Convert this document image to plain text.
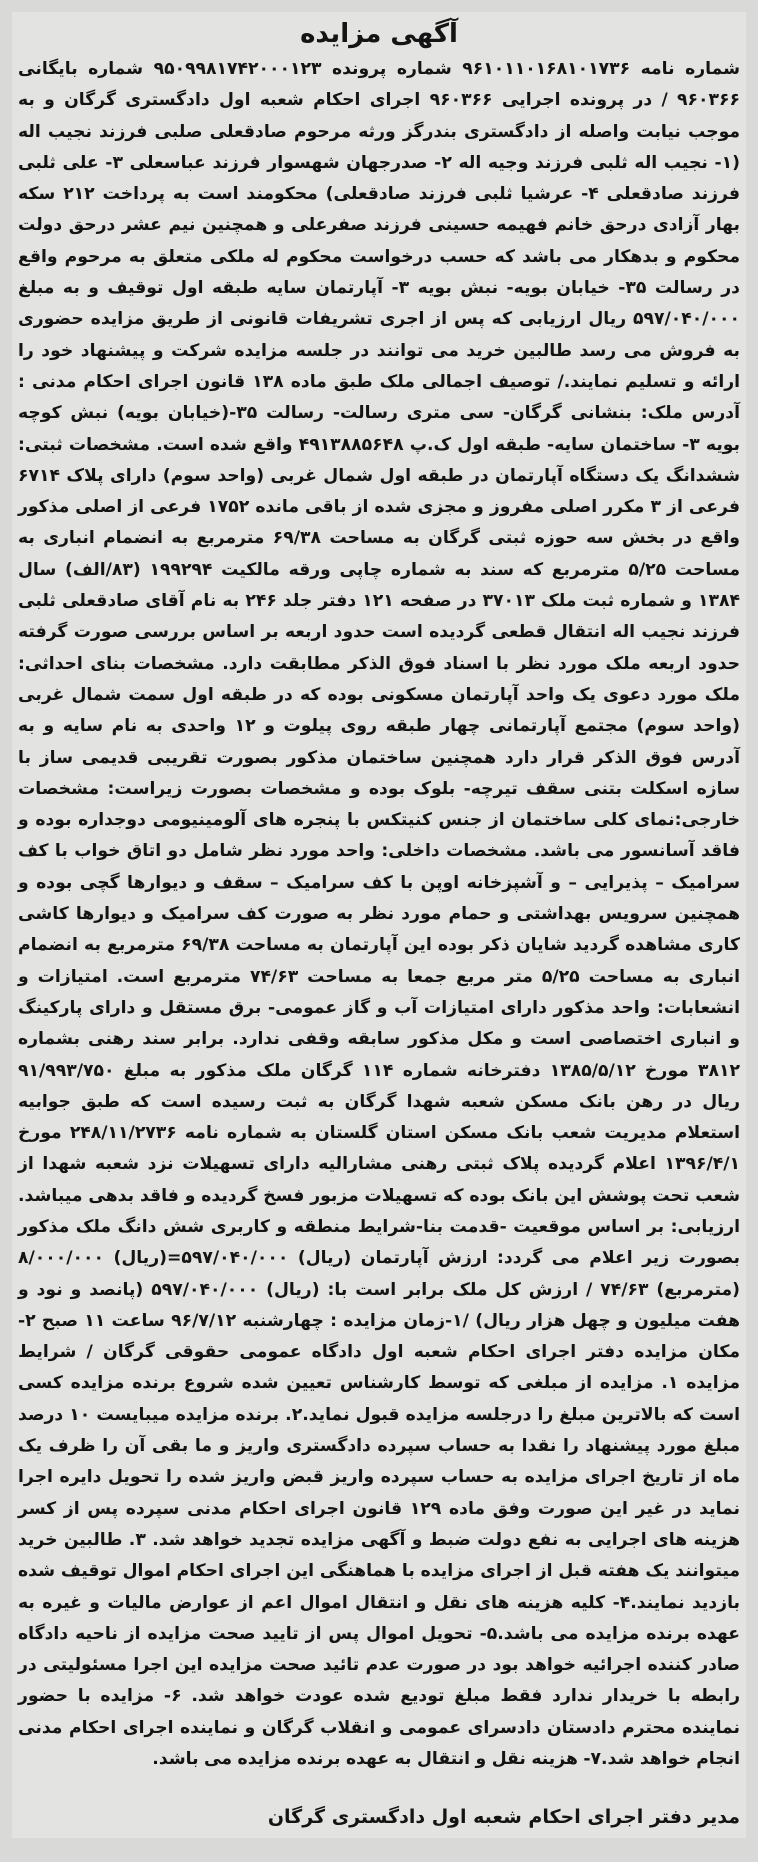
آگهی مزایده

شماره نامه ۹۶۱۰۱۱۰۱۶۸۱۰۱۷۳۶ شماره پرونده ۹۵۰۹۹۸۱۷۴۲۰۰۰۱۲۳ شماره بایگانی ۹۶۰۳۶۶ / در پرونده اجرایی ۹۶۰۳۶۶ اجرای احکام شعبه اول دادگستری گرگان و به موجب نیابت واصله از دادگستری بندرگز ورثه مرحوم صادقعلی صلبی فرزند نجیب اله (۱- نجیب اله ثلبی فرزند وجیه اله ۲- صدرجهان شهسوار فرزند عباسعلی ۳- علی ثلبی فرزند صادقعلی ۴- عرشیا ثلبی فرزند صادقعلی) محکومند است به پرداخت ۲۱۲ سکه بهار آزادی درحق خانم فهیمه حسینی فرزند صفرعلی و همچنین نیم عشر درحق دولت محکوم و بدهکار می باشد که حسب درخواست محکوم له ملکی متعلق به مرحوم واقع در رسالت ۳۵- خیابان بویه- نبش بویه ۳- آپارتمان سایه طبقه اول توقیف و به مبلغ ۵۹۷/۰۴۰/۰۰۰ ریال ارزیابی که پس از اجری تشریفات قانونی از طریق مزایده حضوری به فروش می رسد طالبین خرید می توانند در جلسه مزایده شرکت و پیشنهاد خود را ارائه و تسلیم نمایند./ توصیف اجمالی ملک طبق ماده ۱۳۸ قانون اجرای احکام مدنی : آدرس ملک: بنشانی گرگان- سی متری رسالت- رسالت ۳۵-(خیابان بویه) نبش کوچه بویه ۳- ساختمان سایه- طبقه اول ک.پ ۴۹۱۳۸۸۵۶۴۸ واقع شده است. مشخصات ثبتی: ششدانگ یک دستگاه آپارتمان در طبقه اول شمال غربی (واحد سوم) دارای پلاک ۶۷۱۴ فرعی از ۳ مکرر اصلی مفروز و مجزی شده از باقی مانده ۱۷۵۲ فرعی از اصلی مذکور واقع در بخش سه حوزه ثبتی گرگان به مساحت ۶۹/۳۸ مترمربع به انضمام انباری به مساحت ۵/۲۵ مترمربع که سند به شماره چاپی ورقه مالکیت ۱۹۹۲۹۴ (۸۳/الف) سال ۱۳۸۴ و شماره ثبت ملک ۳۷۰۱۳ در صفحه ۱۲۱ دفتر جلد ۲۴۶ به نام آقای صادقعلی ثلبی فرزند نجیب اله انتقال قطعی گردیده است حدود اربعه بر اساس بررسی صورت گرفته حدود اربعه ملک مورد نظر با اسناد فوق الذکر مطابقت دارد. مشخصات بنای احداثی: ملک مورد دعوی یک واحد آپارتمان مسکونی بوده که در طبقه اول سمت شمال غربی (واحد سوم) مجتمع آپارتمانی چهار طبقه روی پیلوت و ۱۲ واحدی به نام سایه و به آدرس فوق الذکر قرار دارد همچنین ساختمان مذکور بصورت تقریبی قدیمی ساز با سازه اسکلت بتنی سقف تیرچه- بلوک بوده و مشخصات بصورت زیراست: مشخصات خارجی:نمای کلی ساختمان از جنس کنیتکس با پنجره های آلومینیومی دوجداره بوده و فاقد آسانسور می باشد. مشخصات داخلی: واحد مورد نظر شامل دو اتاق خواب با کف سرامیک – پذیرایی – و آشپزخانه اوپن با کف سرامیک – سقف و دیوارها گچی بوده و همچنین سرویس بهداشتی و حمام مورد نظر به صورت کف سرامیک و دیوارها کاشی کاری مشاهده گردید شایان ذکر بوده این آپارتمان به مساحت ۶۹/۳۸ مترمربع به انضمام انباری به مساحت ۵/۲۵ متر مربع جمعا به مساحت ۷۴/۶۳ مترمربع است. امتیازات و انشعابات: واحد مذکور دارای امتیازات آب و گاز عمومی- برق مستقل و دارای پارکینگ و انباری اختصاصی است و مکل مذکور سابقه وقفی ندارد. برابر سند رهنی بشماره ۳۸۱۲ مورخ ۱۳۸۵/۵/۱۲ دفترخانه شماره ۱۱۴ گرگان ملک مذکور به مبلغ ۹۱/۹۹۳/۷۵۰ ریال در رهن بانک مسکن شعبه شهدا گرگان به ثبت رسیده است که طبق جوابیه استعلام مدیریت شعب بانک مسکن استان گلستان به شماره نامه ۲۴۸/۱۱/۲۷۳۶ مورخ ۱۳۹۶/۴/۱ اعلام گردیده پلاک ثبتی رهنی مشارالیه دارای تسهیلات نزد شعبه شهدا از شعب تحت پوشش این بانک بوده که تسهیلات مزبور فسخ گردیده و فاقد بدهی میباشد. ارزیابی: بر اساس موقعیت -قدمت بنا-شرایط منطقه و کاربری شش دانگ ملک مذکور بصورت زیر اعلام می گردد: ارزش آپارتمان (ریال) ۵۹۷/۰۴۰/۰۰۰=(ریال) ۸/۰۰۰/۰۰۰ (مترمربع) ۷۴/۶۳ / ارزش کل ملک برابر است با: (ریال) ۵۹۷/۰۴۰/۰۰۰ (پانصد و نود و هفت میلیون و چهل هزار ریال) /۱-زمان مزایده : چهارشنبه ۹۶/۷/۱۲ ساعت ۱۱ صبح ۲- مکان مزایده دفتر اجرای احکام شعبه اول دادگاه عمومی حقوقی گرگان / شرایط مزایده ۱. مزایده از مبلغی که توسط کارشناس تعیین شده شروع برنده مزایده کسی است که بالاترین مبلغ را درجلسه مزایده قبول نماید.۲. برنده مزایده میبایست ۱۰ درصد مبلغ مورد پیشنهاد را نقدا به حساب سپرده دادگستری واریز و ما بقی آن را ظرف یک ماه از تاریخ اجرای مزایده به حساب سپرده واریز قبض واریز شده را تحویل دایره اجرا نماید در غیر این صورت وفق ماده ۱۲۹ قانون اجرای احکام مدنی سپرده پس از کسر هزینه های اجرایی به نفع دولت ضبط و آگهی مزایده تجدید خواهد شد. ۳. طالبین خرید میتوانند یک هفته قبل از اجرای مزایده با هماهنگی این اجرای احکام اموال توقیف شده بازدید نمایند.۴- کلیه هزینه های نقل و انتقال اموال اعم از عوارض مالیات و غیره به عهده برنده مزایده می باشد.۵- تحویل اموال پس از تایید صحت مزایده از ناحیه دادگاه صادر کننده اجرائیه خواهد بود در صورت عدم تائید صحت مزایده این اجرا مسئولیتی در رابطه با خریدار ندارد فقط مبلغ تودیع شده عودت خواهد شد. ۶- مزایده با حضور نماینده محترم دادستان دادسرای عمومی و انقلاب گرگان و نماینده اجرای احکام مدنی انجام خواهد شد.۷- هزینه نقل و انتقال به عهده برنده مزایده می باشد.

مدیر دفتر اجرای احکام شعبه اول دادگستری گرگان
